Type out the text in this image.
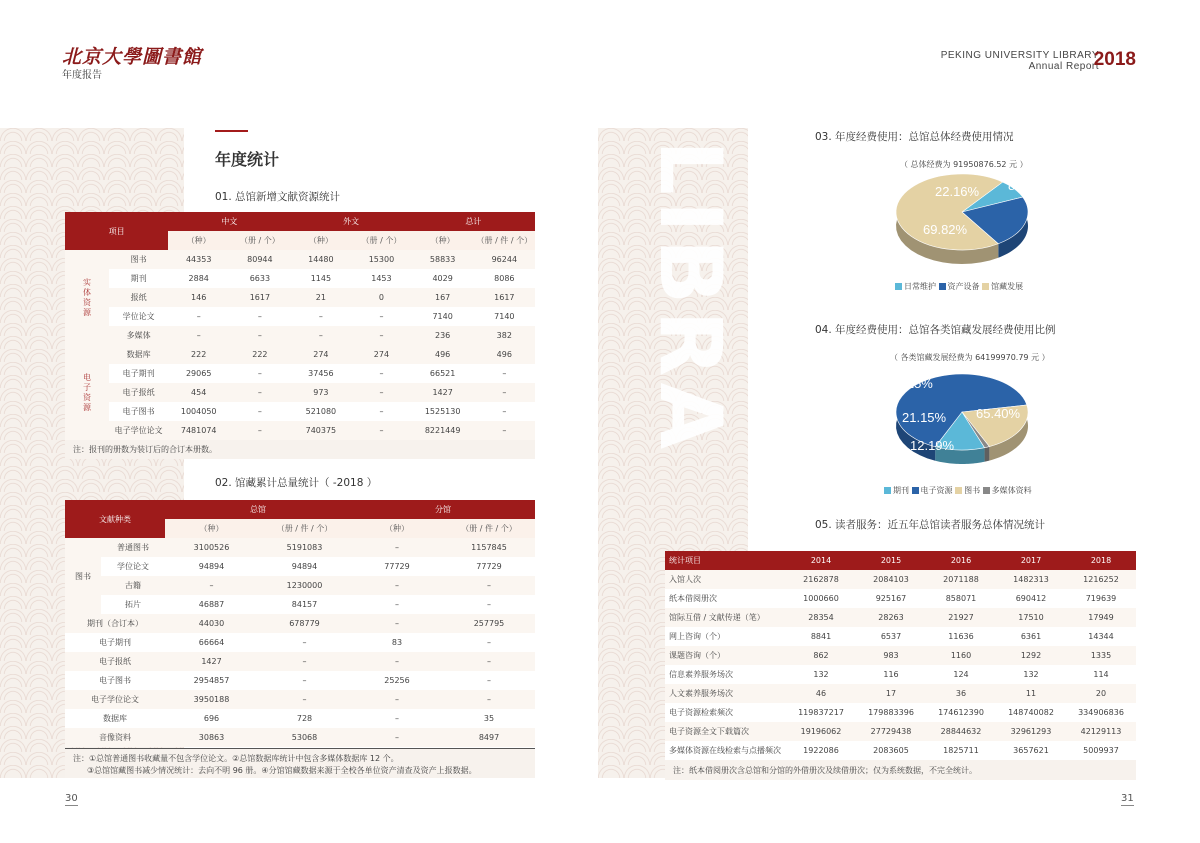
LIBRA
北京大學圖書館
年度报告
PEKING UNIVERSITY LIBRARY
Annual Report
2018
年度统计
01. 总馆新增文献资源统计
项目		中文		外文		总计	
		（种）	（册 / 个）	（种）	（册 / 个）	（种）	（册 / 件 / 个）
实体资源	图书	44353	80944	14480	15300	58833	96244
	期刊	2884	6633	1145	1453	4029	8086
	报纸	146	1617	21	0	167	1617
	学位论文	–	–	–	–	7140	7140
	多媒体	–	–	–	–	236	382
电子资源	数据库	222	222	274	274	496	496
	电子期刊	29065	–	37456	–	66521	–
	电子报纸	454	–	973	–	1427	–
	电子图书	1004050	–	521080	–	1525130	–
	电子学位论文	7481074	–	740375	–	8221449	–
注：报刊的册数为装订后的合订本册数。							
02. 馆藏累计总量统计（ -2018 ）
文献种类		总馆		分馆	
		（种）	（册 / 件 / 个）	（种）	（册 / 件 / 个）
图书	普通图书	3100526	5191083	–	1157845
	学位论文	94894	94894	77729	77729
	古籍	–	1230000	–	–
	拓片	46887	84157	–	–
期刊（合订本）		44030	678779	–	257795
电子期刊		66664	–	83	–
电子报纸		1427	–	–	–
电子图书		2954857	–	25256	–
电子学位论文		3950188	–	–	–
数据库		696	728	–	35
音像资料		30863	53068	–	8497
注：①总馆普通图书收藏量不包含学位论文。②总馆数据库统计中包含多媒体数据库 12 个。
③总馆馆藏图书减少情况统计：去向不明 96 册。④分馆馆藏数据来源于全校各单位资产清查及资产上报数据。
30	31
03. 年度经费使用：总馆总体经费使用情况
（ 总体经费为 91950876.52 元 ）
8.02%
22.16%
69.82%
日常维护 资产设备 馆藏发展
04. 年度经费使用：总馆各类馆藏发展经费使用比例
（ 各类馆藏发展经费为 64199970.79 元 ）
12.19%
65.40%
21.15%
1.25%
期刊 电子资源 图书 多媒体资料
05. 读者服务：近五年总馆读者服务总体情况统计
统计项目	2014	2015	2016	2017	2018
入馆人次	2162878	2084103	2071188	1482313	1216252
纸本借阅册次	1000660	925167	858071	690412	719639
馆际互借 / 文献传递（笔）	28354	28263	21927	17510	17949
网上咨询（个）	8841	6537	11636	6361	14344
课题咨询（个）	862	983	1160	1292	1335
信息素养服务场次	132	116	124	132	114
人文素养服务场次	46	17	36	11	20
电子资源检索频次	119837217	179883396	174612390	148740082	334906836
电子资源全文下载篇次	19196062	27729438	28844632	32961293	42129113
多媒体资源在线检索与点播频次	1922086	2083605	1825711	3657621	5009937
注：纸本借阅册次含总馆和分馆的外借册次及续借册次；仅为系统数据，不完全统计。					
